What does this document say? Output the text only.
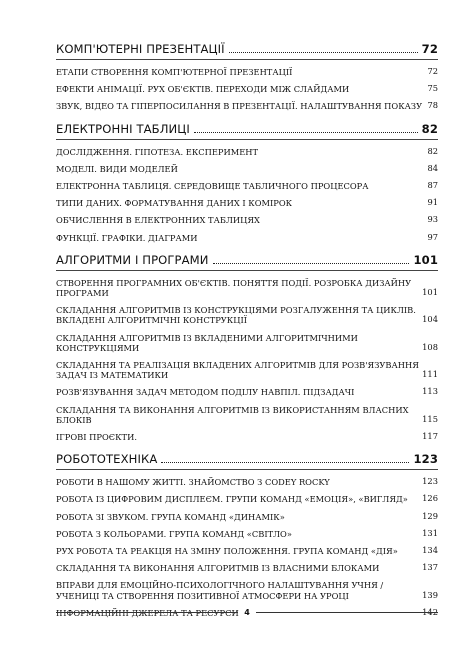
КОМП'ЮТЕРНІ ПРЕЗЕНТАЦІЇ	72
ЕТАПИ СТВОРЕННЯ КОМП'ЮТЕРНОЇ ПРЕЗЕНТАЦІЇ	72
ЕФЕКТИ АНІМАЦІЇ. РУХ ОБ'ЄКТІВ. ПЕРЕХОДИ МІЖ СЛАЙДАМИ	75
ЗВУК, ВІДЕО ТА ГІПЕРПОСИЛАННЯ В ПРЕЗЕНТАЦІЇ. НАЛАШТУВАННЯ ПОКАЗУ 78
ЕЛЕКТРОННІ ТАБЛИЦІ	82
ДОСЛІДЖЕННЯ. ГІПОТЕЗА. ЕКСПЕРИМЕНТ	82
МОДЕЛІ. ВИДИ МОДЕЛЕЙ	84
ЕЛЕКТРОННА ТАБЛИЦЯ. СЕРЕДОВИЩЕ ТАБЛИЧНОГО ПРОЦЕСОРА	87
ТИПИ ДАНИХ. ФОРМАТУВАННЯ ДАНИХ І КОМІРОК	91
ОБЧИСЛЕННЯ В ЕЛЕКТРОННИХ ТАБЛИЦЯХ	93
ФУНКЦІЇ. ГРАФІКИ. ДІАГРАМИ	97
АЛГОРИТМИ І ПРОГРАМИ	101
СТВОРЕННЯ ПРОГРАМНИХ ОБ'ЄКТІВ. ПОНЯТТЯ ПОДІЇ. РОЗРОБКА ДИЗАЙНУ ПРОГРАМИ	101
СКЛАДАННЯ АЛГОРИТМІВ ІЗ КОНСТРУКЦІЯМИ РОЗГАЛУЖЕННЯ ТА ЦИКЛІВ. ВКЛАДЕНІ АЛГОРИТМІЧНІ КОНСТРУКЦІЇ	104
СКЛАДАННЯ АЛГОРИТМІВ ІЗ ВКЛАДЕНИМИ АЛГОРИТМІЧНИМИ КОНСТРУКЦІЯМИ	108
СКЛАДАННЯ ТА РЕАЛІЗАЦІЯ ВКЛАДЕНИХ АЛГОРИТМІВ ДЛЯ РОЗВ'ЯЗУВАННЯ ЗАДАЧ ІЗ МАТЕМАТИКИ	111
РОЗВ'ЯЗУВАННЯ ЗАДАЧ МЕТОДОМ ПОДІЛУ НАВПІЛ. ПІДЗАДАЧІ	113
СКЛАДАННЯ ТА ВИКОНАННЯ АЛГОРИТМІВ ІЗ ВИКОРИСТАННЯМ ВЛАСНИХ БЛОКІВ	115
ІГРОВІ ПРОЄКТИ.	117
РОБОТОТЕХНІКА	123
РОБОТИ В НАШОМУ ЖИТТІ. ЗНАЙОМСТВО З CODEY ROCKY	123
РОБОТА ІЗ ЦИФРОВИМ ДИСПЛЕЄМ. ГРУПИ КОМАНД «ЕМОЦІЯ», «ВИГЛЯД»	126
РОБОТА ЗІ ЗВУКОМ. ГРУПА КОМАНД «ДИНАМІК»	129
РОБОТА З КОЛЬОРАМИ. ГРУПА КОМАНД «СВІТЛО»	131
РУХ РОБОТА ТА РЕАКЦІЯ НА ЗМІНУ ПОЛОЖЕННЯ. ГРУПА КОМАНД «ДІЯ»	134
СКЛАДАННЯ ТА ВИКОНАННЯ АЛГОРИТМІВ ІЗ ВЛАСНИМИ БЛОКАМИ	137
ВПРАВИ ДЛЯ ЕМОЦІЙНО-ПСИХОЛОГІЧНОГО НАЛАШТУВАННЯ УЧНЯ / УЧЕНИЦІ ТА СТВОРЕННЯ ПОЗИТИВНОЇ АТМОСФЕРИ НА УРОЦІ	139
ІНФОРМАЦІЙНІ ДЖЕРЕЛА ТА РЕСУРСИ	142
4
